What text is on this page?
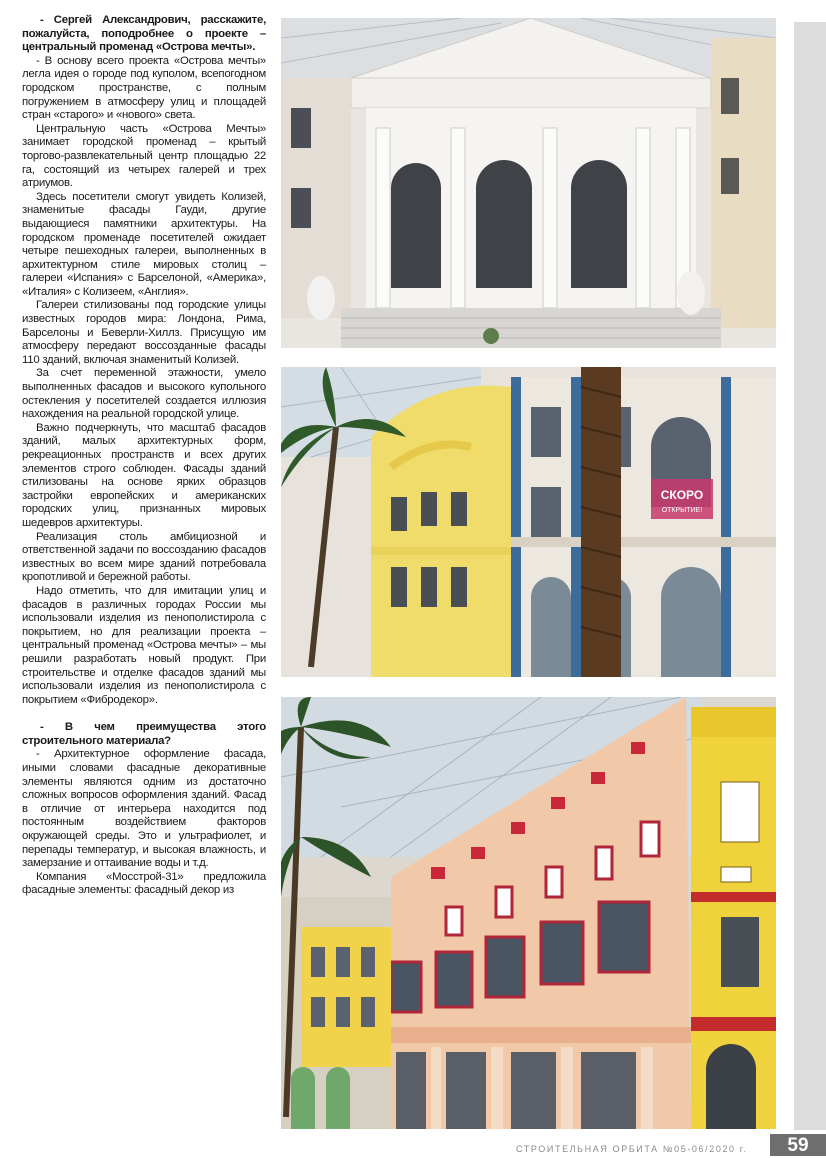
- Сергей Александрович, расскажите, пожалуйста, поподробнее о проекте – центральный променад «Острова мечты».

- В основу всего проекта «Острова мечты» легла идея о городе под куполом, всепогодном городском пространстве, с полным погружением в атмосферу улиц и площадей стран «старого» и «нового» света.

Центральную часть «Острова Мечты» занимает городской променад – крытый торгово-развлекательный центр площадью 22 га, состоящий из четырех галерей и трех атриумов.

Здесь посетители смогут увидеть Колизей, знаменитые фасады Гауди, другие выдающиеся памятники архитектуры. На городском променаде посетителей ожидает четыре пешеходных галереи, выполненных в архитектурном стиле мировых столиц – галереи «Испания» с Барселоной, «Америка», «Италия» с Колизеем, «Англия».

Галереи стилизованы под городские улицы известных городов мира: Лондона, Рима, Барселоны и Беверли-Хиллз. Присущую им атмосферу передают воссозданные фасады 110 зданий, включая знаменитый Колизей.

За счет переменной этажности, умело выполненных фасадов и высокого купольного остекления у посетителей создается иллюзия нахождения на реальной городской улице.

Важно подчеркнуть, что масштаб фасадов зданий, малых архитектурных форм, рекреационных пространств и всех других элементов строго соблюден. Фасады зданий стилизованы на основе ярких образцов застройки европейских и американских городских улиц, признанных мировых шедевров архитектуры.

Реализация столь амбициозной и ответственной задачи по воссозданию фасадов известных во всем мире зданий потребовала кропотливой и бережной работы.

Надо отметить, что для имитации улиц и фасадов в различных городах России мы использовали изделия из пенополистирола с покрытием, но для реализации проекта – центральный променад «Острова мечты» – мы решили разработать новый продукт. При строительстве и отделке фасадов зданий мы использовали изделия из пенополистирола с покрытием «Фибродекор».

- В чем преимущества этого строительного материала?

- Архитектурное оформление фасада, иными словами фасадные декоративные элементы являются одним из достаточно сложных вопросов оформления зданий. Фасад в отличие от интерьера находится под постоянным воздействием факторов окружающей среды. Это и ультрафиолет, и перепады температур, и высокая влажность, и замерзание и оттаивание воды и т.д.

Компания «Мосстрой-31» предложила фасадные элементы: фасадный декор из

СКОРО
ОТКРЫТИЕ!
СТРОИТЕЛЬНАЯ ОРБИТА №05-06/2020 г.	59
